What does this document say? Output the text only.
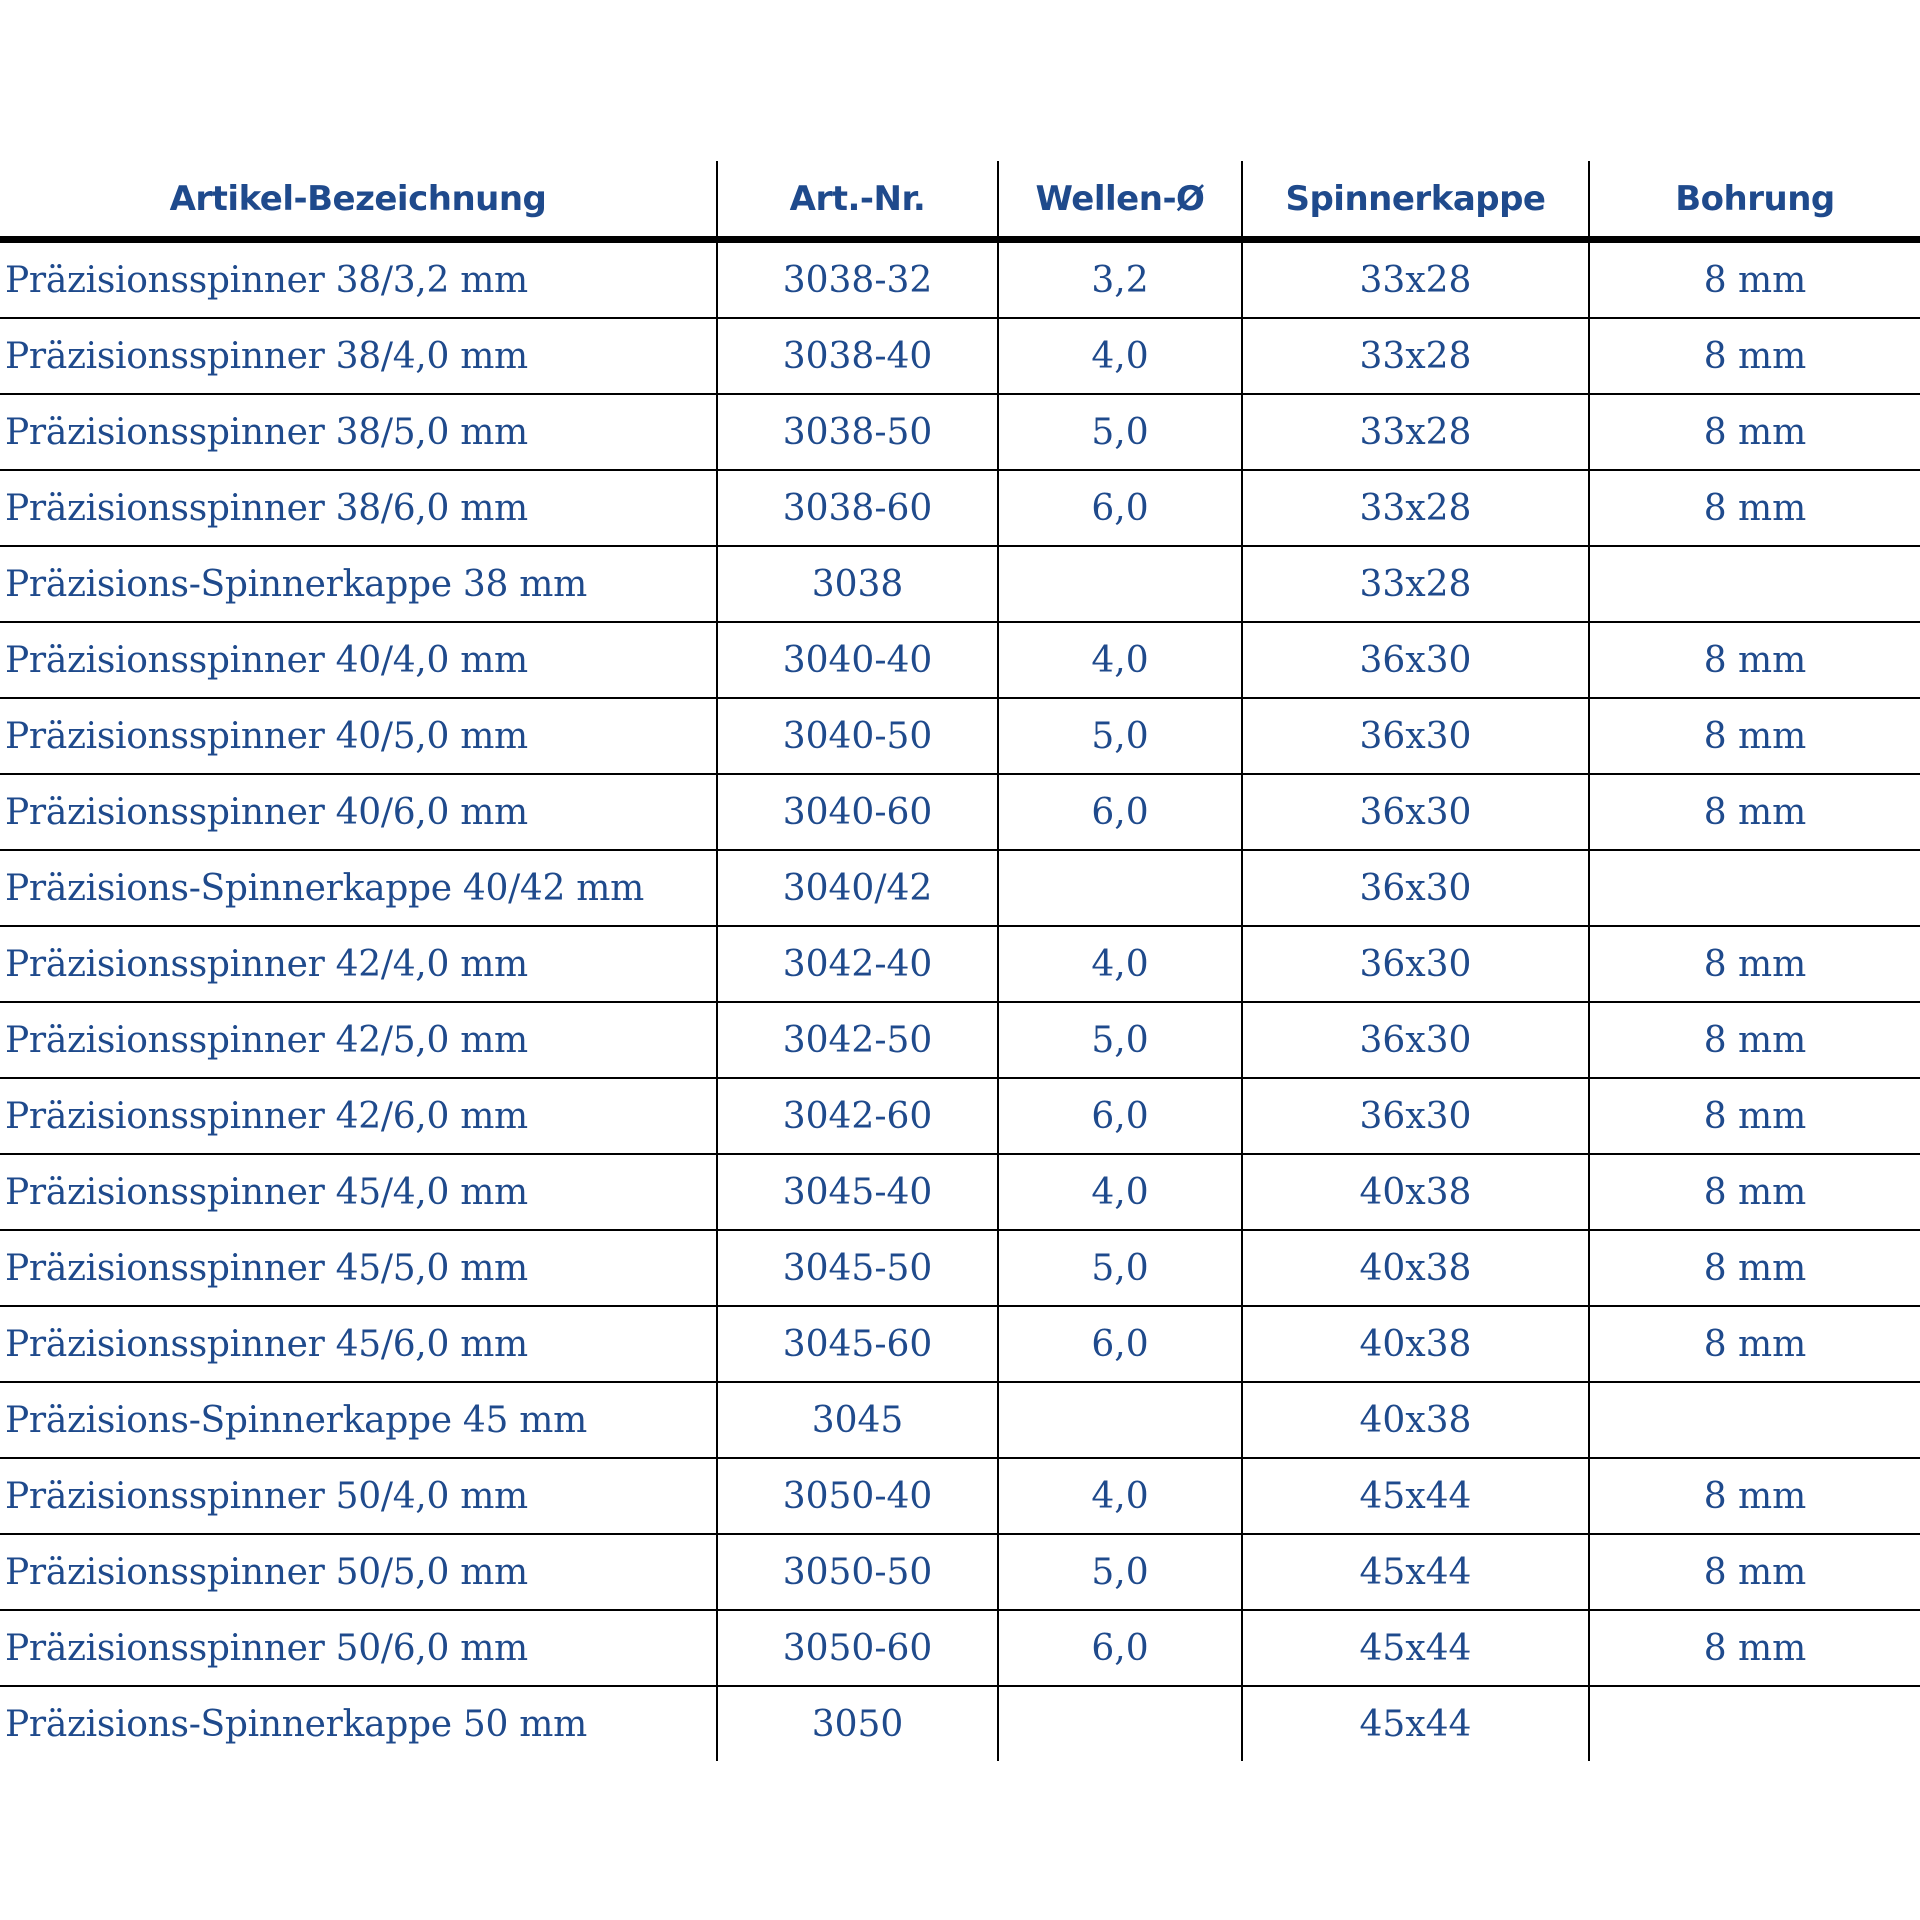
Artikel-Bezeichnung	Art.-Nr.	Wellen-Ø	Spinnerkappe	Bohrung
Präzisionsspinner 38/3,2 mm	3038-32	3,2	33x28	8 mm
Präzisionsspinner 38/4,0 mm	3038-40	4,0	33x28	8 mm
Präzisionsspinner 38/5,0 mm	3038-50	5,0	33x28	8 mm
Präzisionsspinner 38/6,0 mm	3038-60	6,0	33x28	8 mm
Präzisions-Spinnerkappe 38 mm	3038		33x28	
Präzisionsspinner 40/4,0 mm	3040-40	4,0	36x30	8 mm
Präzisionsspinner 40/5,0 mm	3040-50	5,0	36x30	8 mm
Präzisionsspinner 40/6,0 mm	3040-60	6,0	36x30	8 mm
Präzisions-Spinnerkappe 40/42 mm	3040/42		36x30	
Präzisionsspinner 42/4,0 mm	3042-40	4,0	36x30	8 mm
Präzisionsspinner 42/5,0 mm	3042-50	5,0	36x30	8 mm
Präzisionsspinner 42/6,0 mm	3042-60	6,0	36x30	8 mm
Präzisionsspinner 45/4,0 mm	3045-40	4,0	40x38	8 mm
Präzisionsspinner 45/5,0 mm	3045-50	5,0	40x38	8 mm
Präzisionsspinner 45/6,0 mm	3045-60	6,0	40x38	8 mm
Präzisions-Spinnerkappe 45 mm	3045		40x38	
Präzisionsspinner 50/4,0 mm	3050-40	4,0	45x44	8 mm
Präzisionsspinner 50/5,0 mm	3050-50	5,0	45x44	8 mm
Präzisionsspinner 50/6,0 mm	3050-60	6,0	45x44	8 mm
Präzisions-Spinnerkappe 50 mm	3050		45x44	
